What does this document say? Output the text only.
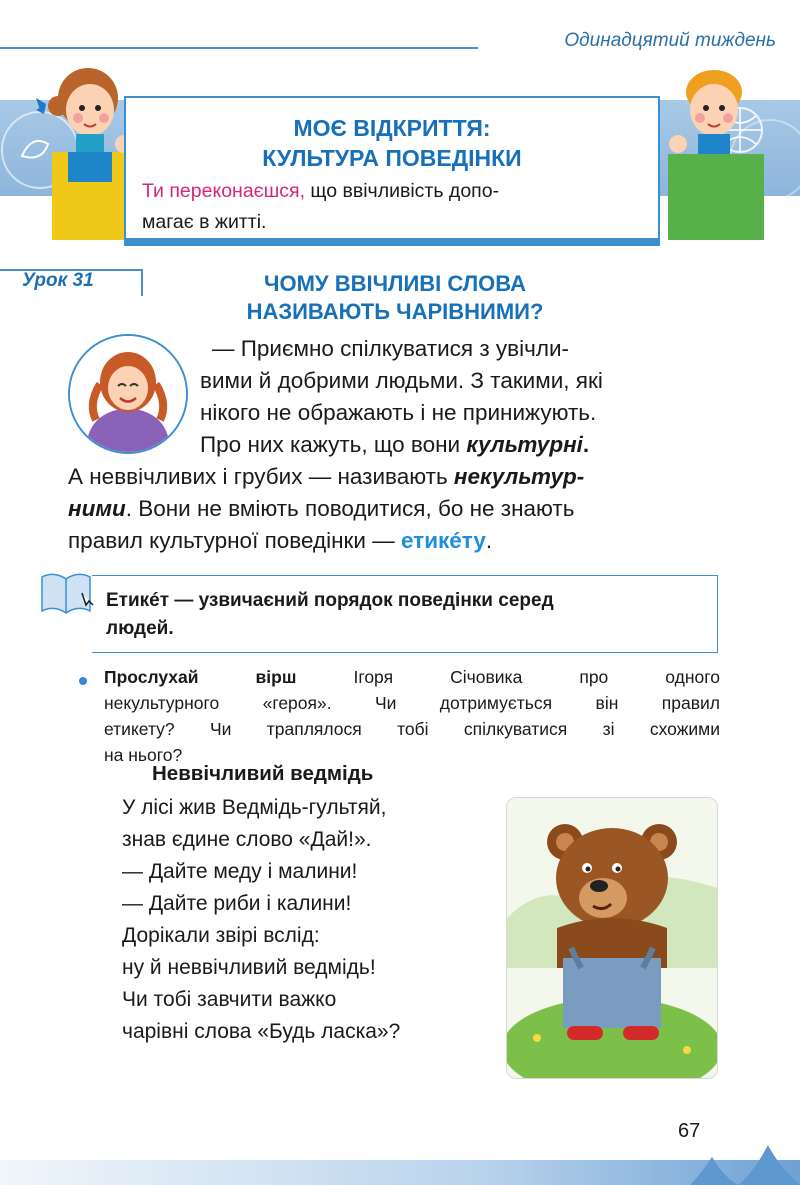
Одинадцятий тиждень
МОЄ ВІДКРИТТЯ:
КУЛЬТУРА ПОВЕДІНКИ
Ти переконаєшся, що ввічливість допо-
магає в житті.
Урок 31	ЧОМУ ВВІЧЛИВІ СЛОВА
НАЗИВАЮТЬ ЧАРІВНИМИ?
— Приємно спілкуватися з увічли-
вими й добрими людьми. З такими, які
нікого не ображають і не принижують.
Про них кажуть, що вони культурні.
А неввічливих і грубих — називають некультур-
ними. Вони не вміють поводитися, бо не знають
правил культурної поведінки — етикéту.
Етикéт — узвичаєний порядок поведінки серед
людей.
Прослухай вірш Ігоря Січовика про одного
некультурного «героя». Чи дотримується він правил
етикету? Чи траплялося тобі спілкуватися зі схожими
на нього?
Неввічливий ведмідь
У лісі жив Ведмідь-гультяй,
знав єдине слово «Дай!».
— Дайте меду і малини!
— Дайте риби і калини!
Дорікали звірі вслід:
ну й неввічливий ведмідь!
Чи тобі завчити важко
чарівні слова «Будь ласка»?
67
